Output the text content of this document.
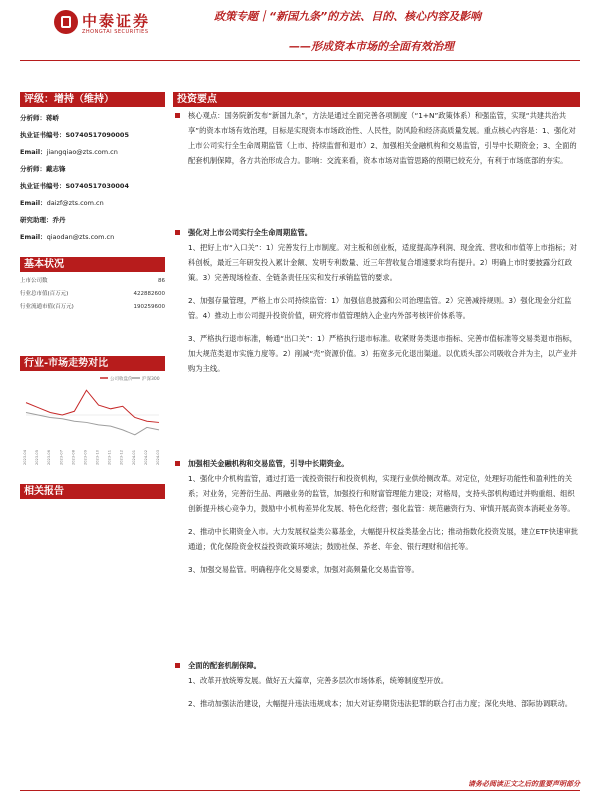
中泰证券
ZHONGTAI SECURITIES
政策专题｜“新国九条”的方法、目的、核心内容及影响
——形成资本市场的全面有效治理
评级：增持（维持）
分析师：蒋峤
执业证书编号：S0740517090005
Email：jiangqiao@zts.com.cn
分析师：戴志锋
执业证书编号：S0740517030004
Email：daizf@zts.com.cn
研究助理：乔丹
Email：qiaodan@zts.com.cn
基本状况
上市公司数	86
行业总市值(百万元)	422882600
行业流通市值(百万元)	190259600
行业-市场走势对比
公司收盘价 沪深300
2023-04 2023-05 2023-06 2023-07 2023-08 2023-09 2023-10 2023-11 2023-12 2024-01 2024-02 2024-03
相关报告
投资要点

核心观点：国务院新发布“新国九条”，方法是通过全面完善各项制度（“1+N”政策体系）和强监管，实现“共建共治共享”的资本市场有效治理，目标是实现资本市场政治性、人民性，防风险和经济高质量发展。重点核心内容是：1、强化对上市公司实行全生命周期监管（上市、持续监督和退市）2、加强相关金融机构和交易监管，引导中长期资金；3、全面的配套机制保障，各方共治形成合力。影响：交流来看，资本市场对监管思路的预期已较充分，有利于市场底部的夯实。

强化对上市公司实行全生命周期监管。

1、把好上市“入口关”：1）完善发行上市制度。对主板和创业板，适度提高净利润、现金流、营收和市值等上市指标；对科创板，最近三年研发投入累计金额、发明专利数量、近三年营收复合增速要求均有提升。2）明确上市时要披露分红政策。3）完善现场检查、全链条责任压实和发行承销监管的要求。

2、加强存量管理，严格上市公司持续监管：1）加强信息披露和公司治理监管。2）完善减持规则。3）强化现金分红监管。4）推动上市公司提升投资价值，研究将市值管理纳入企业内外部考核评价体系等。

3、严格执行退市标准，畅通“出口关”：1）严格执行退市标准。收紧财务类退市指标、完善市值标准等交易类退市指标，加大规范类退市实施力度等。2）削减“壳”资源价值。3）拓宽多元化退出渠道。以优质头部公司吸收合并为主，以产业并购为主线。

加强相关金融机构和交易监管，引导中长期资金。

1、强化中介机构监管，通过打造一流投资银行和投资机构，实现行业供给侧改革。对定位，处理好功能性和盈利性的关系；对业务，完善衍生品、两融业务的监管，加强投行和财富管理能力建设；对格局，支持头部机构通过并购重组、组织创新提升核心竞争力，鼓励中小机构差异化发展、特色化经营；强化监管：规范融资行为、审慎开展高资本消耗业务等。

2、推动中长期资金入市。大力发展权益类公募基金，大幅提升权益类基金占比；推动指数化投资发展，建立ETF快速审批通道；优化保险资金权益投资政策环境法；鼓励社保、养老、年金、银行理财和信托等。

3、加强交易监管。明确程序化交易要求，加强对高频量化交易监管等。

全面的配套机制保障。

1、改革开放统筹发展。做好五大篇章，完善多层次市场体系，统筹制度型开放。

2、推动加强法治建设，大幅提升违法违规成本；加大对证券期货违法犯罪的联合打击力度；深化央地、部际协调联动。

请务必阅读正文之后的重要声明部分
